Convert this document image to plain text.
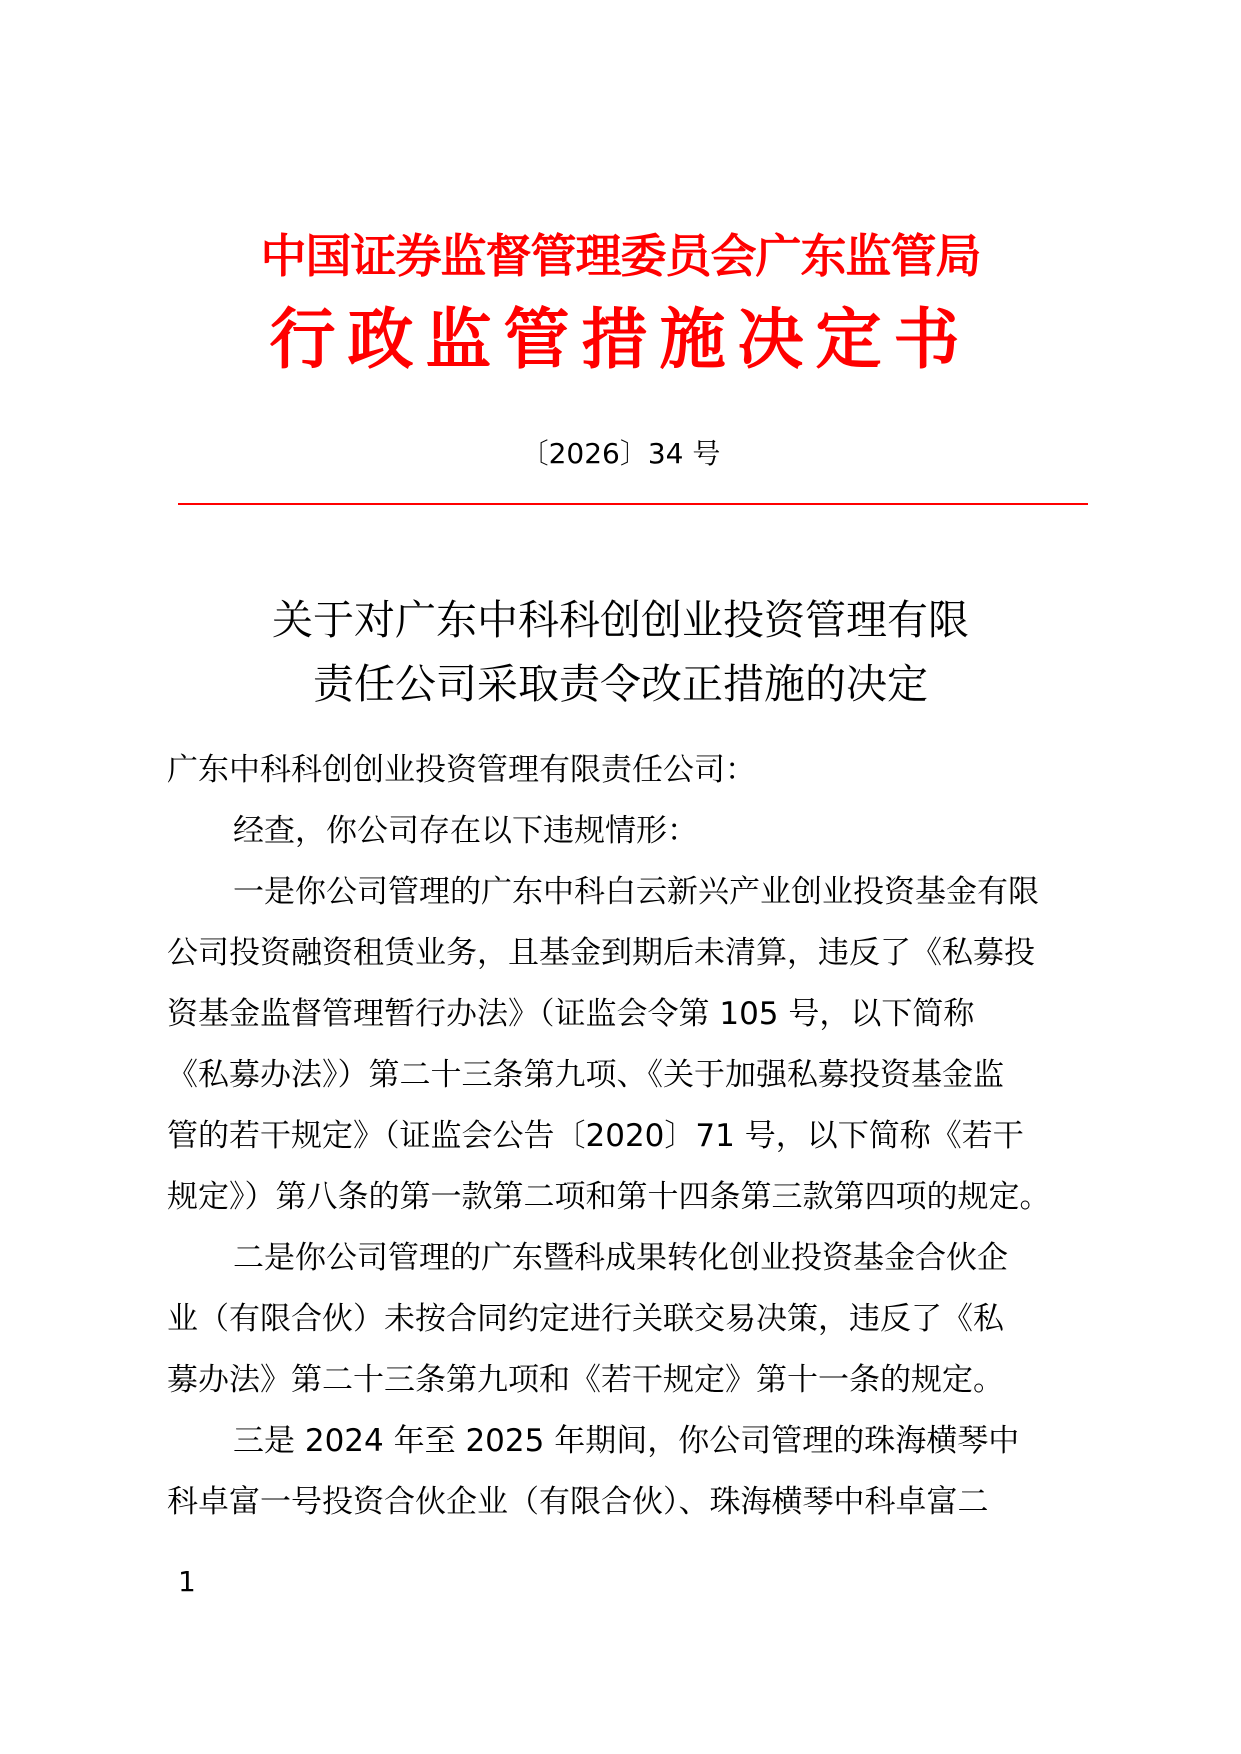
中国证券监督管理委员会广东监管局
行政监管措施决定书
〔2026〕34 号
关于对广东中科科创创业投资管理有限
责任公司采取责令改正措施的决定
广东中科科创创业投资管理有限责任公司：
经查，你公司存在以下违规情形：
一是你公司管理的广东中科白云新兴产业创业投资基金有限
公司投资融资租赁业务，且基金到期后未清算，违反了《私募投
资基金监督管理暂行办法》（证监会令第 105 号，以下简称
《私募办法》）第二十三条第九项、《关于加强私募投资基金监
管的若干规定》（证监会公告〔2020〕71 号，以下简称《若干
规定》）第八条的第一款第二项和第十四条第三款第四项的规定。
二是你公司管理的广东暨科成果转化创业投资基金合伙企
业（有限合伙）未按合同约定进行关联交易决策，违反了《私
募办法》第二十三条第九项和《若干规定》第十一条的规定。
三是 2024 年至 2025 年期间，你公司管理的珠海横琴中
科卓富一号投资合伙企业（有限合伙）、珠海横琴中科卓富二
1
